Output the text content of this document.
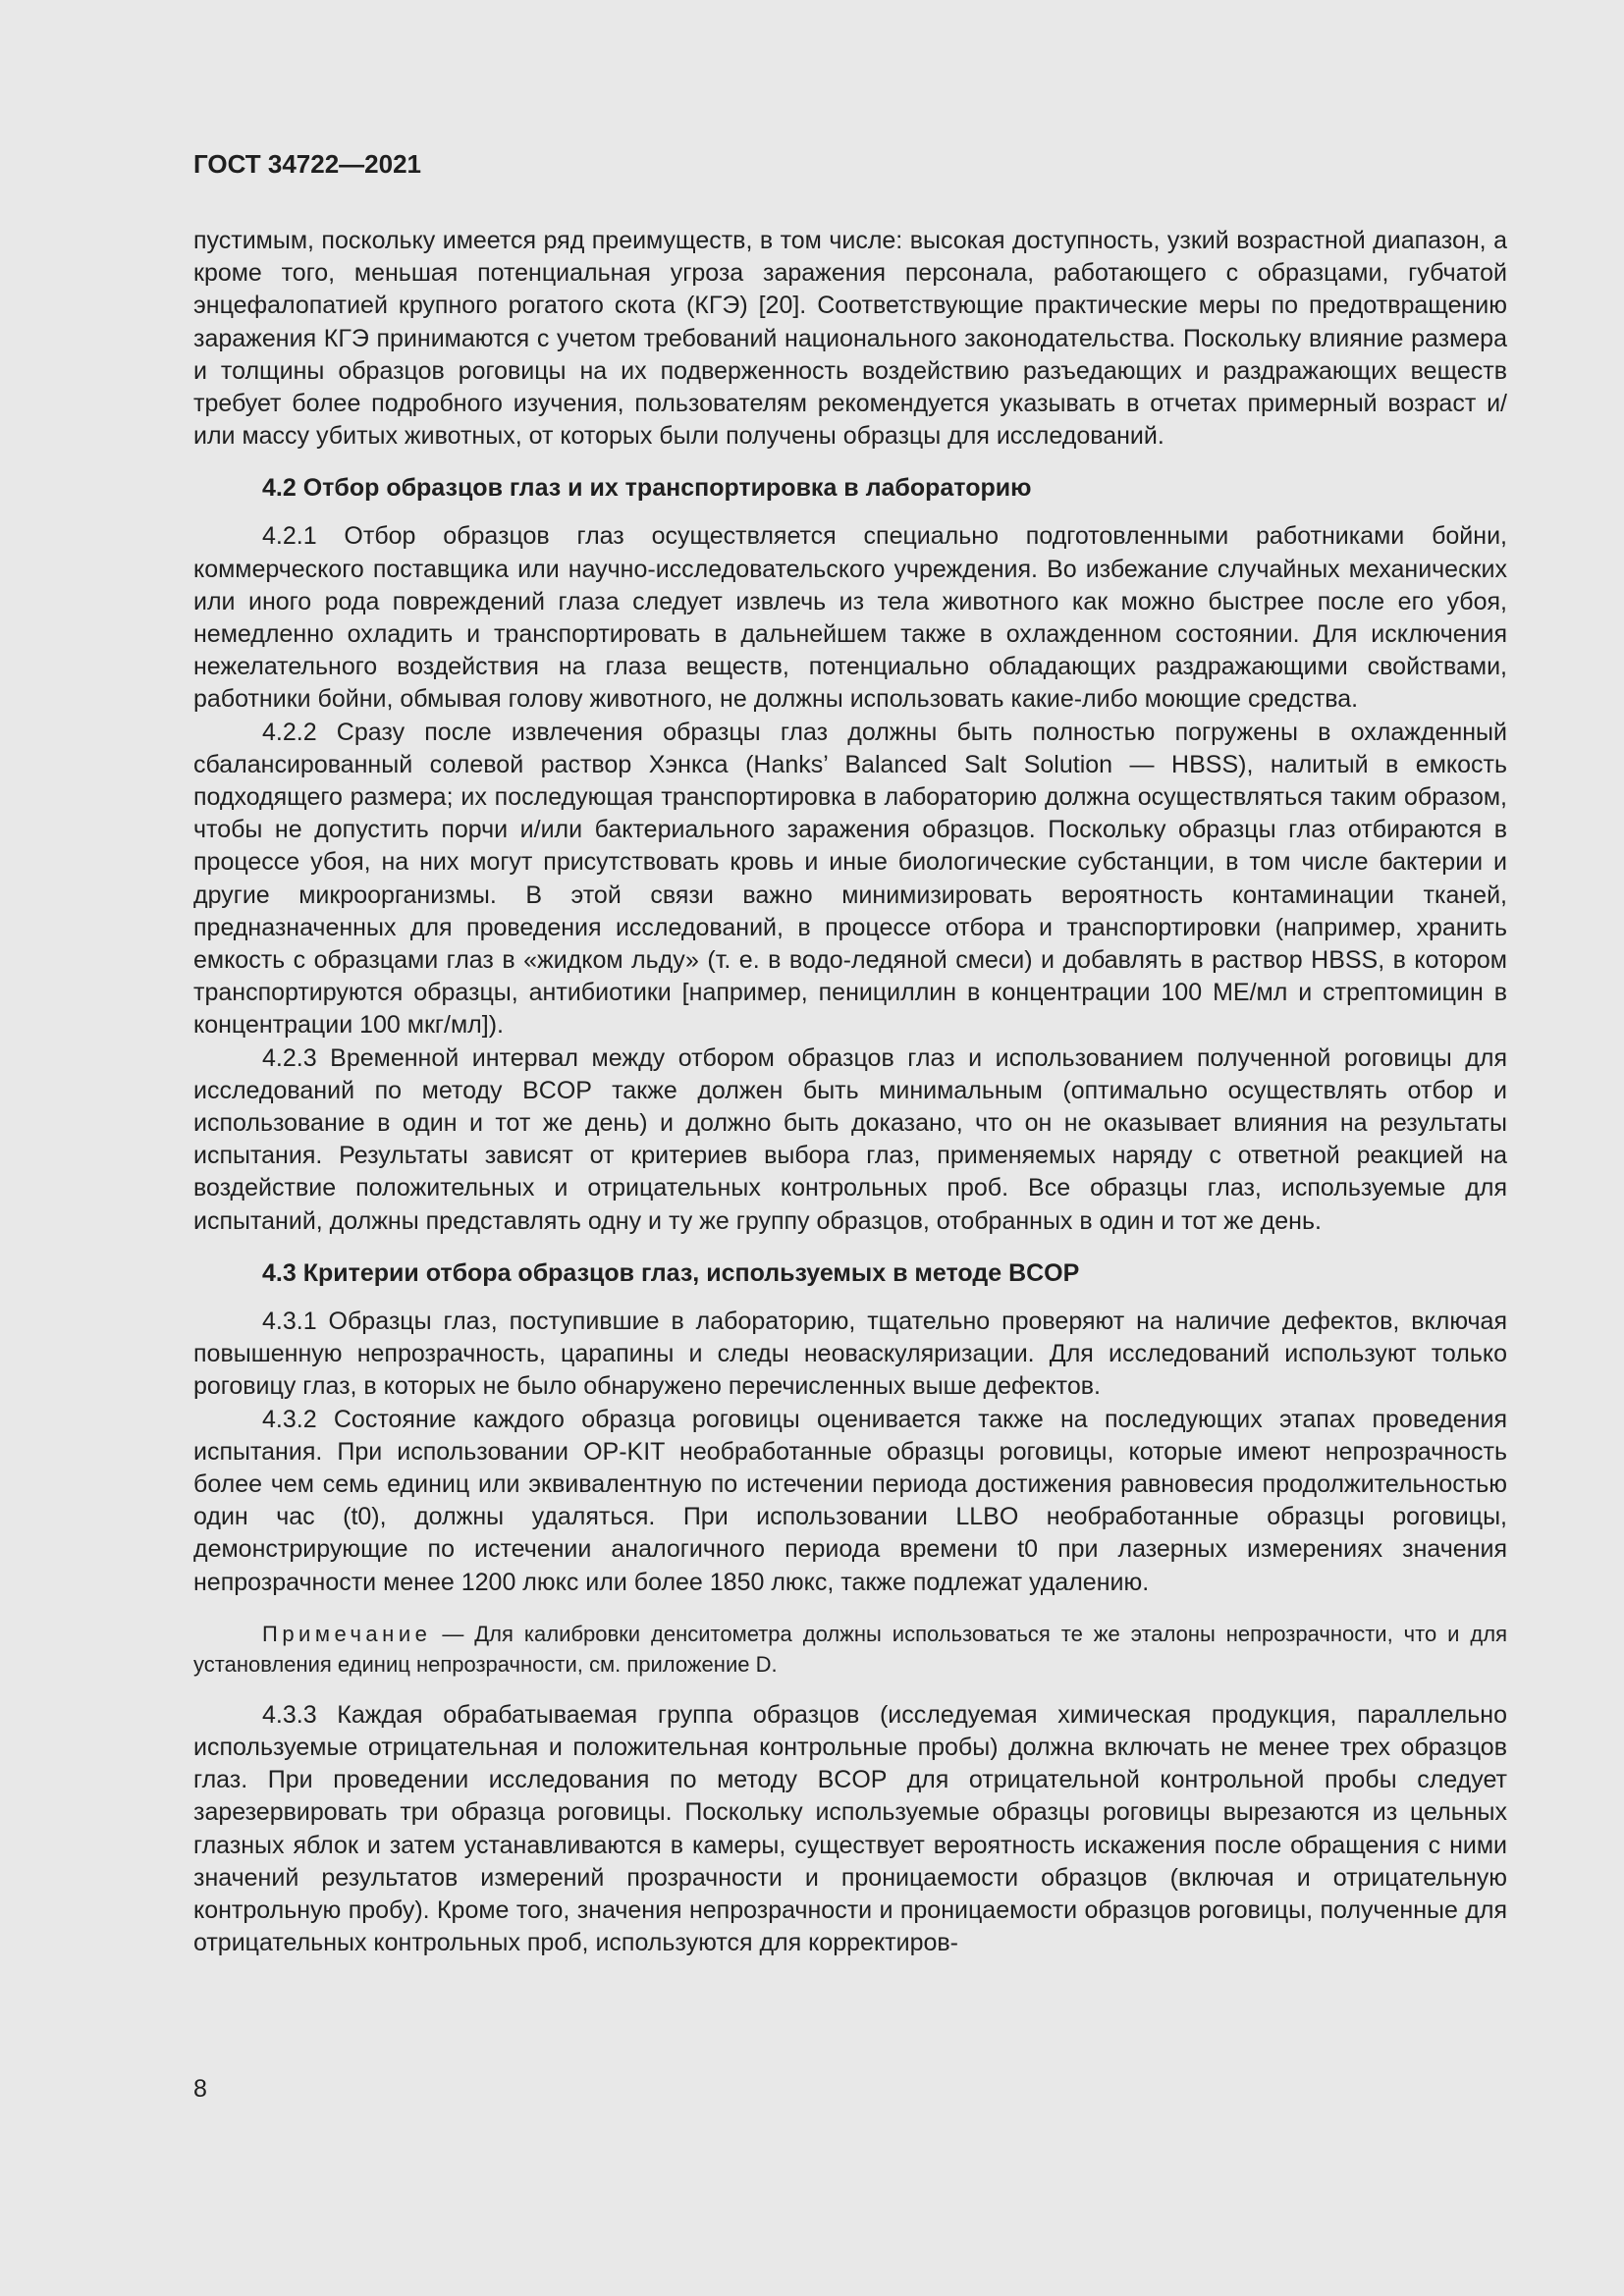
ГОСТ 34722—2021

пустимым, поскольку имеется ряд преимуществ, в том числе: высокая доступность, узкий возрастной диапазон, а кроме того, меньшая потенциальная угроза заражения персонала, работающего с образцами, губчатой энцефалопатией крупного рогатого скота (КГЭ) [20]. Соответствующие практические меры по предотвращению заражения КГЭ принимаются с учетом требований национального законодательства. Поскольку влияние размера и толщины образцов роговицы на их подверженность воздействию разъедающих и раздражающих веществ требует более подробного изучения, пользователям рекомендуется указывать в отчетах примерный возраст и/или массу убитых животных, от которых были получены образцы для исследований.

4.2 Отбор образцов глаз и их транспортировка в лабораторию

4.2.1 Отбор образцов глаз осуществляется специально подготовленными работниками бойни, коммерческого поставщика или научно-исследовательского учреждения. Во избежание случайных механических или иного рода повреждений глаза следует извлечь из тела животного как можно быстрее после его убоя, немедленно охладить и транспортировать в дальнейшем также в охлажденном состоянии. Для исключения нежелательного воздействия на глаза веществ, потенциально обладающих раздражающими свойствами, работники бойни, обмывая голову животного, не должны использовать какие-либо моющие средства.

4.2.2 Сразу после извлечения образцы глаз должны быть полностью погружены в охлажденный сбалансированный солевой раствор Хэнкса (Hanks’ Balanced Salt Solution — HBSS), налитый в емкость подходящего размера; их последующая транспортировка в лабораторию должна осуществляться таким образом, чтобы не допустить порчи и/или бактериального заражения образцов. Поскольку образцы глаз отбираются в процессе убоя, на них могут присутствовать кровь и иные биологические субстанции, в том числе бактерии и другие микроорганизмы. В этой связи важно минимизировать вероятность контаминации тканей, предназначенных для проведения исследований, в процессе отбора и транспортировки (например, хранить емкость с образцами глаз в «жидком льду» (т. е. в водо-ледяной смеси) и добавлять в раствор HBSS, в котором транспортируются образцы, антибиотики [например, пенициллин в концентрации 100 МЕ/мл и стрептомицин в концентрации 100 мкг/мл]).

4.2.3 Временной интервал между отбором образцов глаз и использованием полученной роговицы для исследований по методу BCOP также должен быть минимальным (оптимально осуществлять отбор и использование в один и тот же день) и должно быть доказано, что он не оказывает влияния на результаты испытания. Результаты зависят от критериев выбора глаз, применяемых наряду с ответной реакцией на воздействие положительных и отрицательных контрольных проб. Все образцы глаз, используемые для испытаний, должны представлять одну и ту же группу образцов, отобранных в один и тот же день.

4.3 Критерии отбора образцов глаз, используемых в методе BCOP

4.3.1 Образцы глаз, поступившие в лабораторию, тщательно проверяют на наличие дефектов, включая повышенную непрозрачность, царапины и следы неоваскуляризации. Для исследований используют только роговицу глаз, в которых не было обнаружено перечисленных выше дефектов.

4.3.2 Состояние каждого образца роговицы оценивается также на последующих этапах проведения испытания. При использовании OP-KIT необработанные образцы роговицы, которые имеют непрозрачность более чем семь единиц или эквивалентную по истечении периода достижения равновесия продолжительностью один час (t0), должны удаляться. При использовании LLBO необработанные образцы роговицы, демонстрирующие по истечении аналогичного периода времени t0 при лазерных измерениях значения непрозрачности менее 1200 люкс или более 1850 люкс, также подлежат удалению.

Примечание — Для калибровки денситометра должны использоваться те же эталоны непрозрачности, что и для установления единиц непрозрачности, см. приложение D.

4.3.3 Каждая обрабатываемая группа образцов (исследуемая химическая продукция, параллельно используемые отрицательная и положительная контрольные пробы) должна включать не менее трех образцов глаз. При проведении исследования по методу BCOP для отрицательной контрольной пробы следует зарезервировать три образца роговицы. Поскольку используемые образцы роговицы вырезаются из цельных глазных яблок и затем устанавливаются в камеры, существует вероятность искажения после обращения с ними значений результатов измерений прозрачности и проницаемости образцов (включая и отрицательную контрольную пробу). Кроме того, значения непрозрачности и проницаемости образцов роговицы, полученные для отрицательных контрольных проб, используются для корректиров-

8
